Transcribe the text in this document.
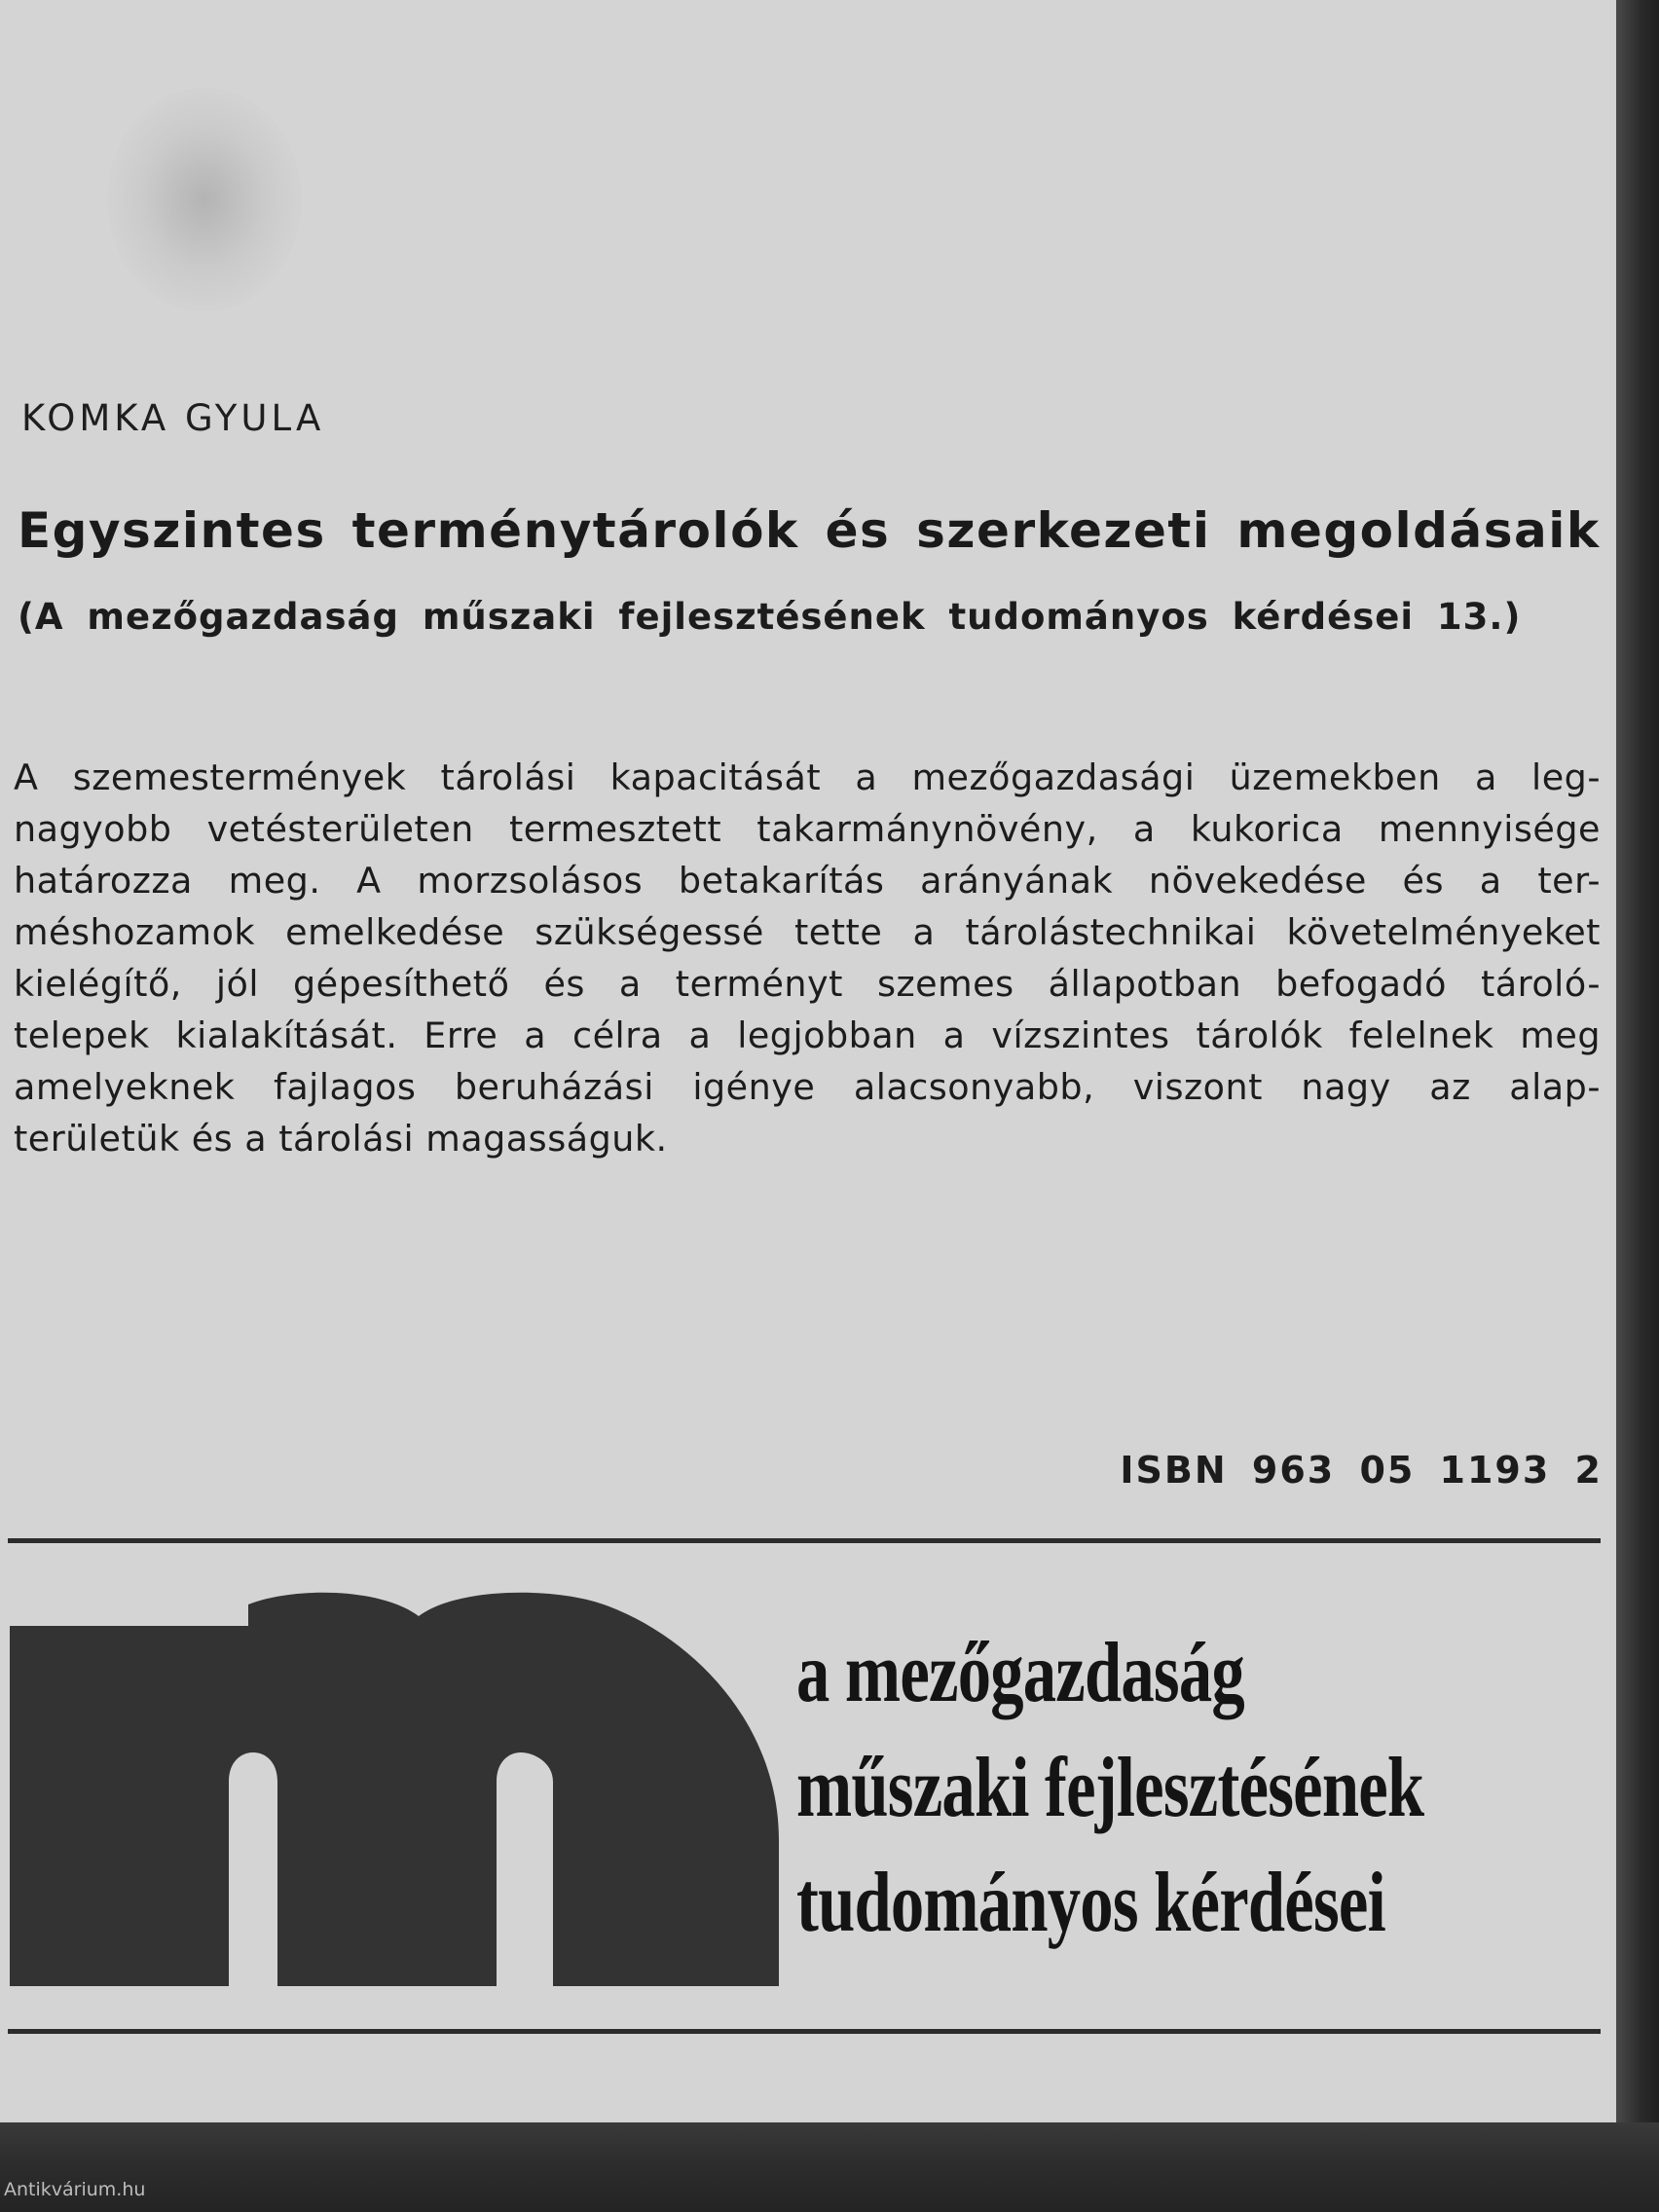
KOMKA GYULA
Egyszintes terménytárolók és szerkezeti megoldásaik
(A mezőgazdaság műszaki fejlesztésének tudományos kérdései 13.)
A szemestermények tárolási kapacitását a mezőgazdasági üzemekben a leg-
nagyobb vetésterületen termesztett takarmánynövény, a kukorica mennyisége
határozza meg. A morzsolásos betakarítás arányának növekedése és a ter-
méshozamok emelkedése szükségessé tette a tárolástechnikai követelményeket
kielégítő, jól gépesíthető és a terményt szemes állapotban befogadó tároló-
telepek kialakítását. Erre a célra a legjobban a vízszintes tárolók felelnek meg
amelyeknek fajlagos beruházási igénye alacsonyabb, viszont nagy az alap-
területük és a tárolási magasságuk.
ISBN 963 05 1193 2
a mezőgazdaság
műszaki fejlesztésének
tudományos kérdései
Antikvárium.hu
